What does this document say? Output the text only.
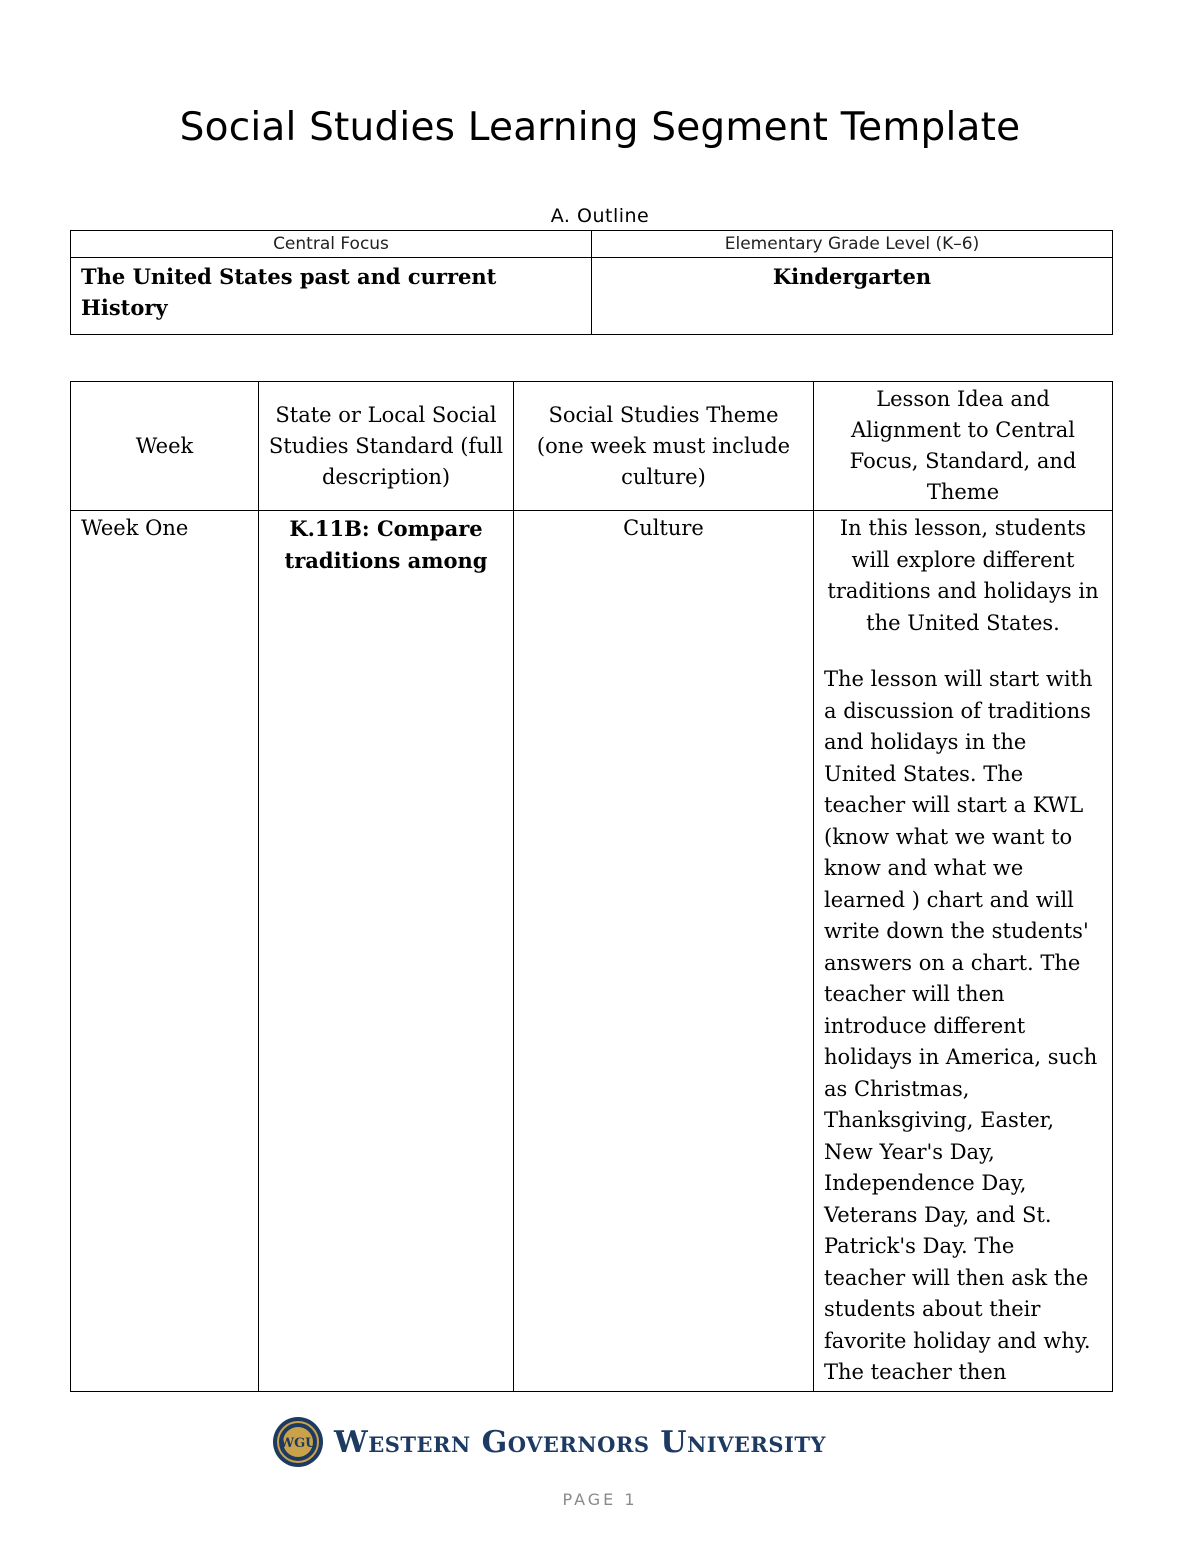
Social Studies Learning Segment Template
A. Outline
Central Focus	Elementary Grade Level (K–6)
The United States past and current History	Kindergarten
Week	State or Local Social Studies Standard (full description)	Social Studies Theme (one week must include culture)	Lesson Idea and Alignment to Central Focus, Standard, and Theme
Week One	K.11B: Compare traditions among	Culture	In this lesson, students will explore different traditions and holidays in the United States.

The lesson will start with a discussion of traditions and holidays in the United States. The teacher will start a KWL (know what we want to know and what we learned ) chart and will write down the students' answers on a chart. The teacher will then introduce different holidays in America, such as Christmas, Thanksgiving, Easter, New Year's Day, Independence Day, Veterans Day, and St. Patrick's Day. The teacher will then ask the students about their favorite holiday and why. The teacher then

WGU Western Governors University
PAGE 1
